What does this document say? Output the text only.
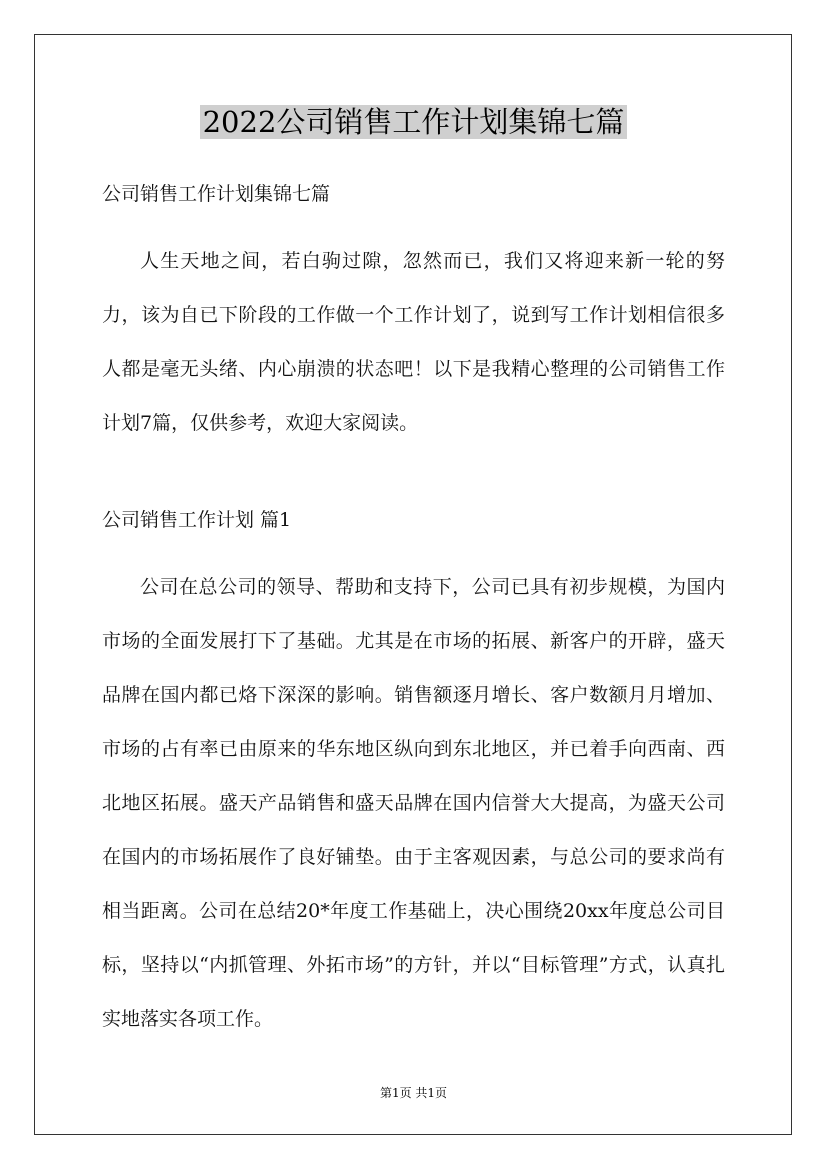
2022公司销售工作计划集锦七篇
公司销售工作计划集锦七篇
人生天地之间，若白驹过隙，忽然而已，我们又将迎来新一轮的努力，该为自已下阶段的工作做一个工作计划了，说到写工作计划相信很多人都是毫无头绪、内心崩溃的状态吧！以下是我精心整理的公司销售工作计划7篇，仅供参考，欢迎大家阅读。
公司销售工作计划 篇1
公司在总公司的领导、帮助和支持下，公司已具有初步规模，为国内市场的全面发展打下了基础。尤其是在市场的拓展、新客户的开辟，盛天品牌在国内都已烙下深深的影响。销售额逐月增长、客户数额月月增加、市场的占有率已由原来的华东地区纵向到东北地区，并已着手向西南、西北地区拓展。盛天产品销售和盛天品牌在国内信誉大大提高，为盛天公司在国内的市场拓展作了良好铺垫。由于主客观因素，与总公司的要求尚有相当距离。公司在总结20*年度工作基础上，决心围绕20xx年度总公司目标，坚持以“内抓管理、外拓市场”的方针，并以“目标管理”方式，认真扎实地落实各项工作。
第1页 共1页
